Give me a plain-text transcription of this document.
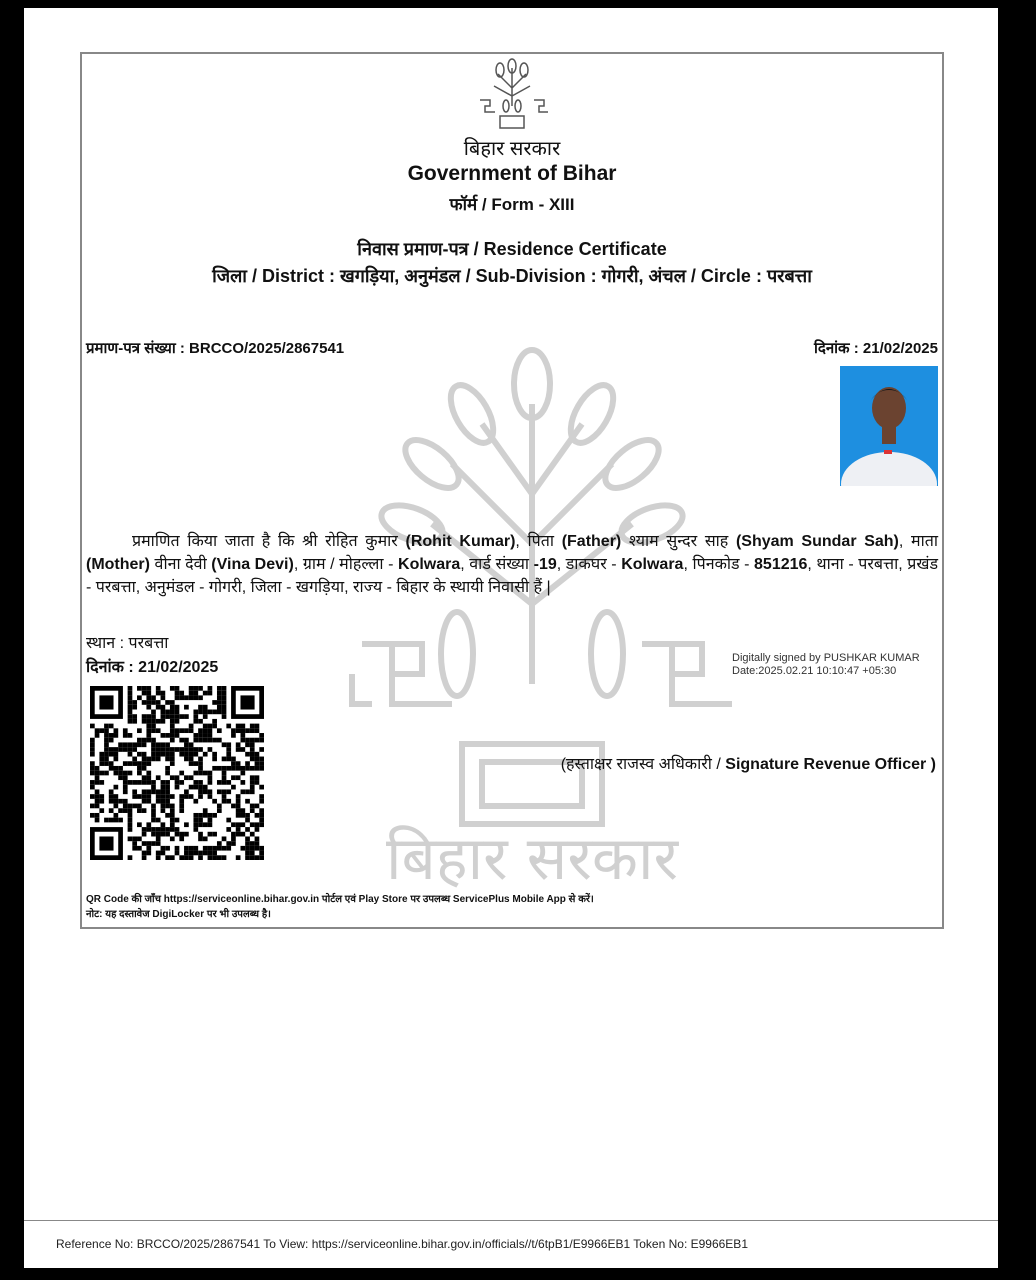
बिहार सरकार
बिहार सरकार
Government of Bihar
फॉर्म / Form - XIII
निवास प्रमाण-पत्र / Residence Certificate
जिला / District : खगड़िया, अनुमंडल / Sub-Division : गोगरी, अंचल / Circle : परबत्ता
प्रमाण-पत्र संख्या : BRCCO/2025/2867541	दिनांक : 21/02/2025
प्रमाणित किया जाता है कि श्री रोहित कुमार (Rohit Kumar), पिता (Father) श्याम सुन्दर साह (Shyam Sundar Sah), माता (Mother) वीना देवी (Vina Devi), ग्राम / मोहल्ला - Kolwara, वार्ड संख्या -19, डाकघर - Kolwara, पिनकोड - 851216, थाना - परबत्ता, प्रखंड - परबत्ता, अनुमंडल - गोगरी, जिला - खगड़िया, राज्य - बिहार के स्थायी निवासी हैं |
स्थान : परबत्ता
दिनांक : 21/02/2025
Digitally signed by PUSHKAR KUMAR
Date:2025.02.21 10:10:47 +05:30
(हस्ताक्षर राजस्व अधिकारी / Signature Revenue Officer )
QR Code की जाँच https://serviceonline.bihar.gov.in पोर्टल एवं Play Store पर उपलब्ध ServicePlus Mobile App से करें।
नोट: यह दस्तावेज DigiLocker पर भी उपलब्ध है।
Reference No: BRCCO/2025/2867541 To View: https://serviceonline.bihar.gov.in/officials//t/6tpB1/E9966EB1 Token No: E9966EB1
